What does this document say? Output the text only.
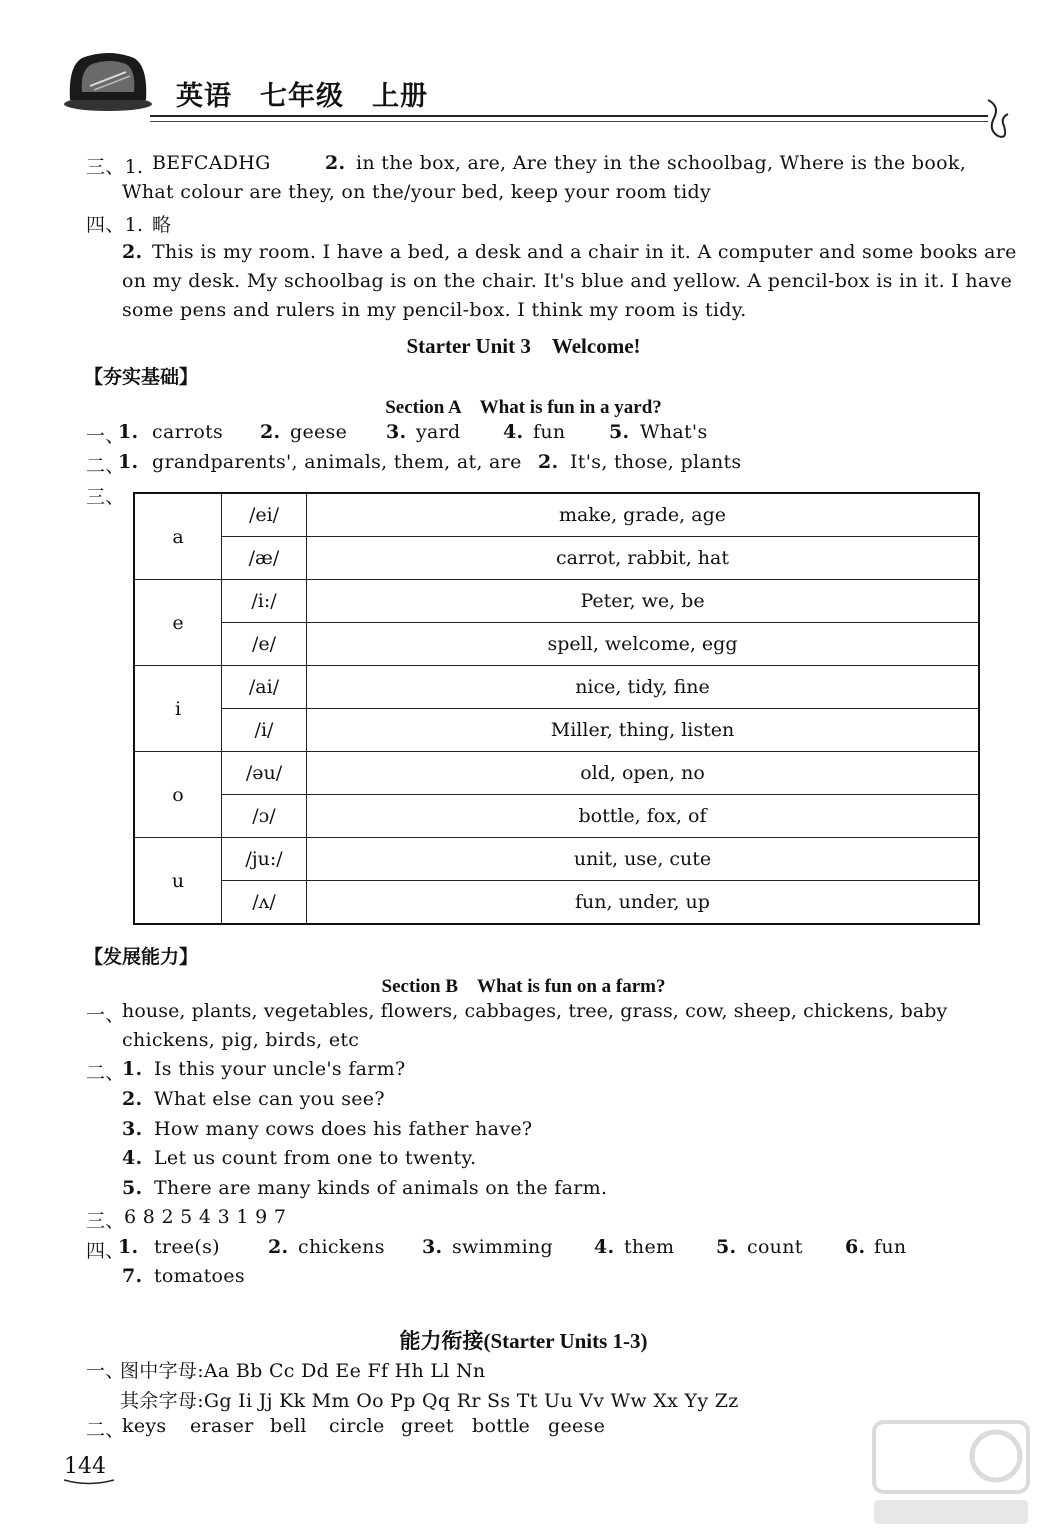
英语　七年级　上册
三、1. BEFCADHG	2. in the box, are, Are they in the schoolbag, Where is the book,
What colour are they, on the/your bed, keep your room tidy
四、1. 略
2. This is my room. I have a bed, a desk and a chair in it. A computer and some books are
on my desk. My schoolbag is on the chair. It's blue and yellow. A pencil-box is in it. I have
some pens and rulers in my pencil-box. I think my room is tidy.
Starter Unit 3　Welcome!
【夯实基础】
Section A　What is fun in a yard?
一、
1. carrots 2. geese 3. yard 4. fun 5. What's
二、
1. grandparents', animals, them, at, are 2. It's, those, plants
三、
a	/ei/	make, grade, age
	/æ/	carrot, rabbit, hat
e	/i:/	Peter, we, be
	/e/	spell, welcome, egg
i	/ai/	nice, tidy, fine
	/i/	Miller, thing, listen
o	/əu/	old, open, no
	/ɔ/	bottle, fox, of
u	/ju:/	unit, use, cute
	/ʌ/	fun, under, up
【发展能力】
Section B　What is fun on a farm?
一、
house, plants, vegetables, flowers, cabbages, tree, grass, cow, sheep, chickens, baby
chickens, pig, birds, etc
二、
1. Is this your uncle's farm?
2. What else can you see?
3. How many cows does his father have?
4. Let us count from one to twenty.
5. There are many kinds of animals on the farm.
三、 6 8 2 5 4 3 1 9 7
四、
1. tree(s)	2. chickens 3. swimming 4. them 5. count 6. fun
7. tomatoes
能力衔接(Starter Units 1-3)
一、
图中字母:Aa Bb Cc Dd Ee Ff Hh Ll Nn
其余字母:Gg Ii Jj Kk Mm Oo Pp Qq Rr Ss Tt Uu Vv Ww Xx Yy Zz
二、
keys eraser bell circle greet bottle geese
144
